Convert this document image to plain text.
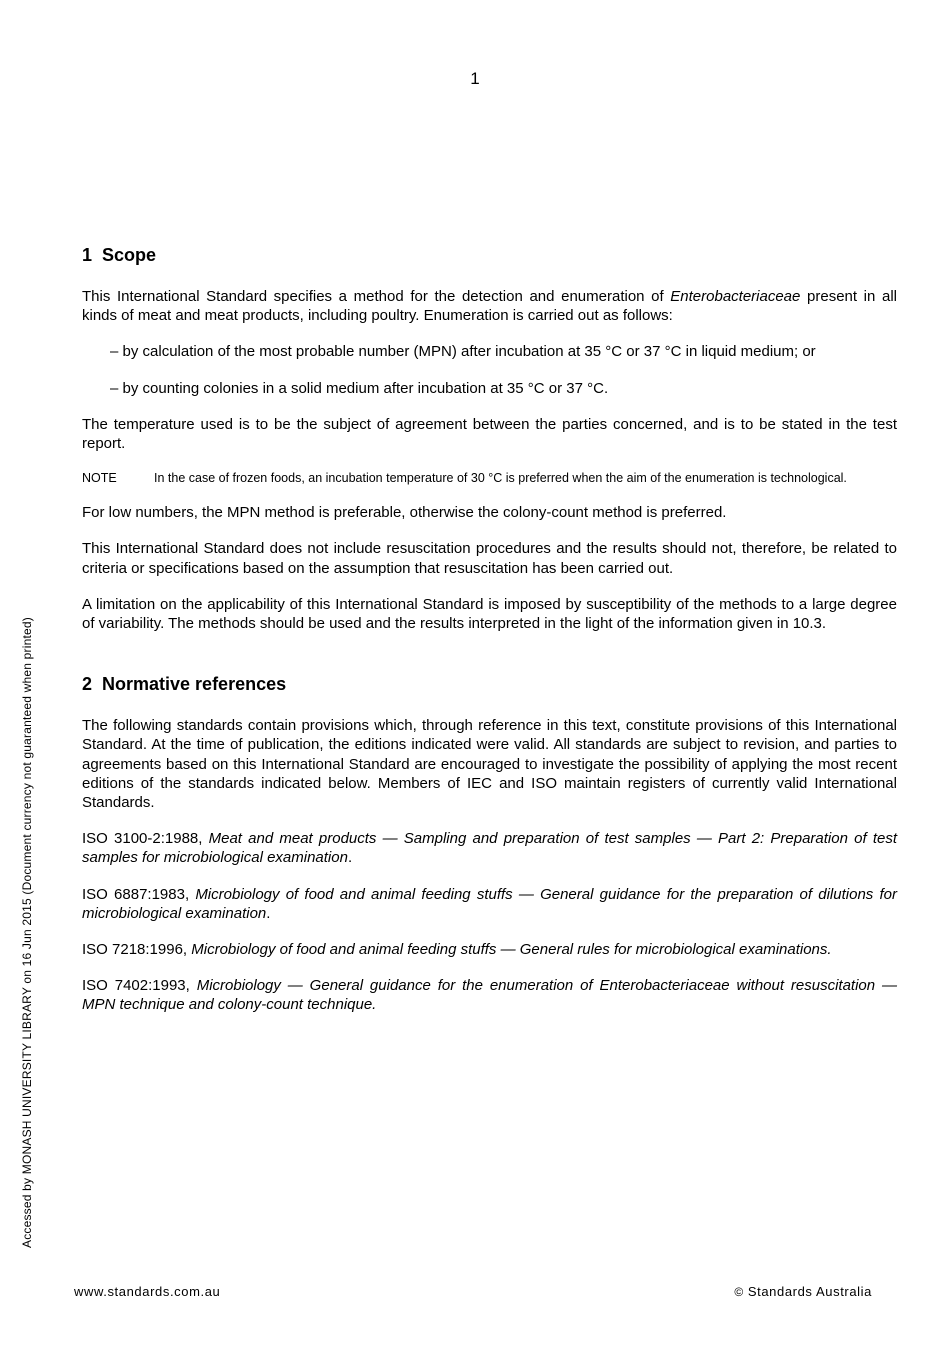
1
Accessed by MONASH UNIVERSITY LIBRARY on 16 Jun 2015 (Document currency not guaranteed when printed)
1 Scope

This International Standard specifies a method for the detection and enumeration of Enterobacteriaceae present in all kinds of meat and meat products, including poultry. Enumeration is carried out as follows:

– by calculation of the most probable number (MPN) after incubation at 35 °C or 37 °C in liquid medium; or

– by counting colonies in a solid medium after incubation at 35 °C or 37 °C.

The temperature used is to be the subject of agreement between the parties concerned, and is to be stated in the test report.

NOTE	In the case of frozen foods, an incubation temperature of 30 °C is preferred when the aim of the enumeration is technological.

For low numbers, the MPN method is preferable, otherwise the colony-count method is preferred.

This International Standard does not include resuscitation procedures and the results should not, therefore, be related to criteria or specifications based on the assumption that resuscitation has been carried out.

A limitation on the applicability of this International Standard is imposed by susceptibility of the methods to a large degree of variability. The methods should be used and the results interpreted in the light of the information given in 10.3.

2 Normative references

The following standards contain provisions which, through reference in this text, constitute provisions of this International Standard. At the time of publication, the editions indicated were valid. All standards are subject to revision, and parties to agreements based on this International Standard are encouraged to investigate the possibility of applying the most recent editions of the standards indicated below. Members of IEC and ISO maintain registers of currently valid International Standards.

ISO 3100-2:1988, Meat and meat products — Sampling and preparation of test samples — Part 2: Preparation of test samples for microbiological examination.

ISO 6887:1983, Microbiology of food and animal feeding stuffs — General guidance for the preparation of dilutions for microbiological examination.

ISO 7218:1996, Microbiology of food and animal feeding stuffs — General rules for microbiological examinations.

ISO 7402:1993, Microbiology — General guidance for the enumeration of Enterobacteriaceae without resuscitation — MPN technique and colony-count technique.

www.standards.com.au	© Standards Australia
